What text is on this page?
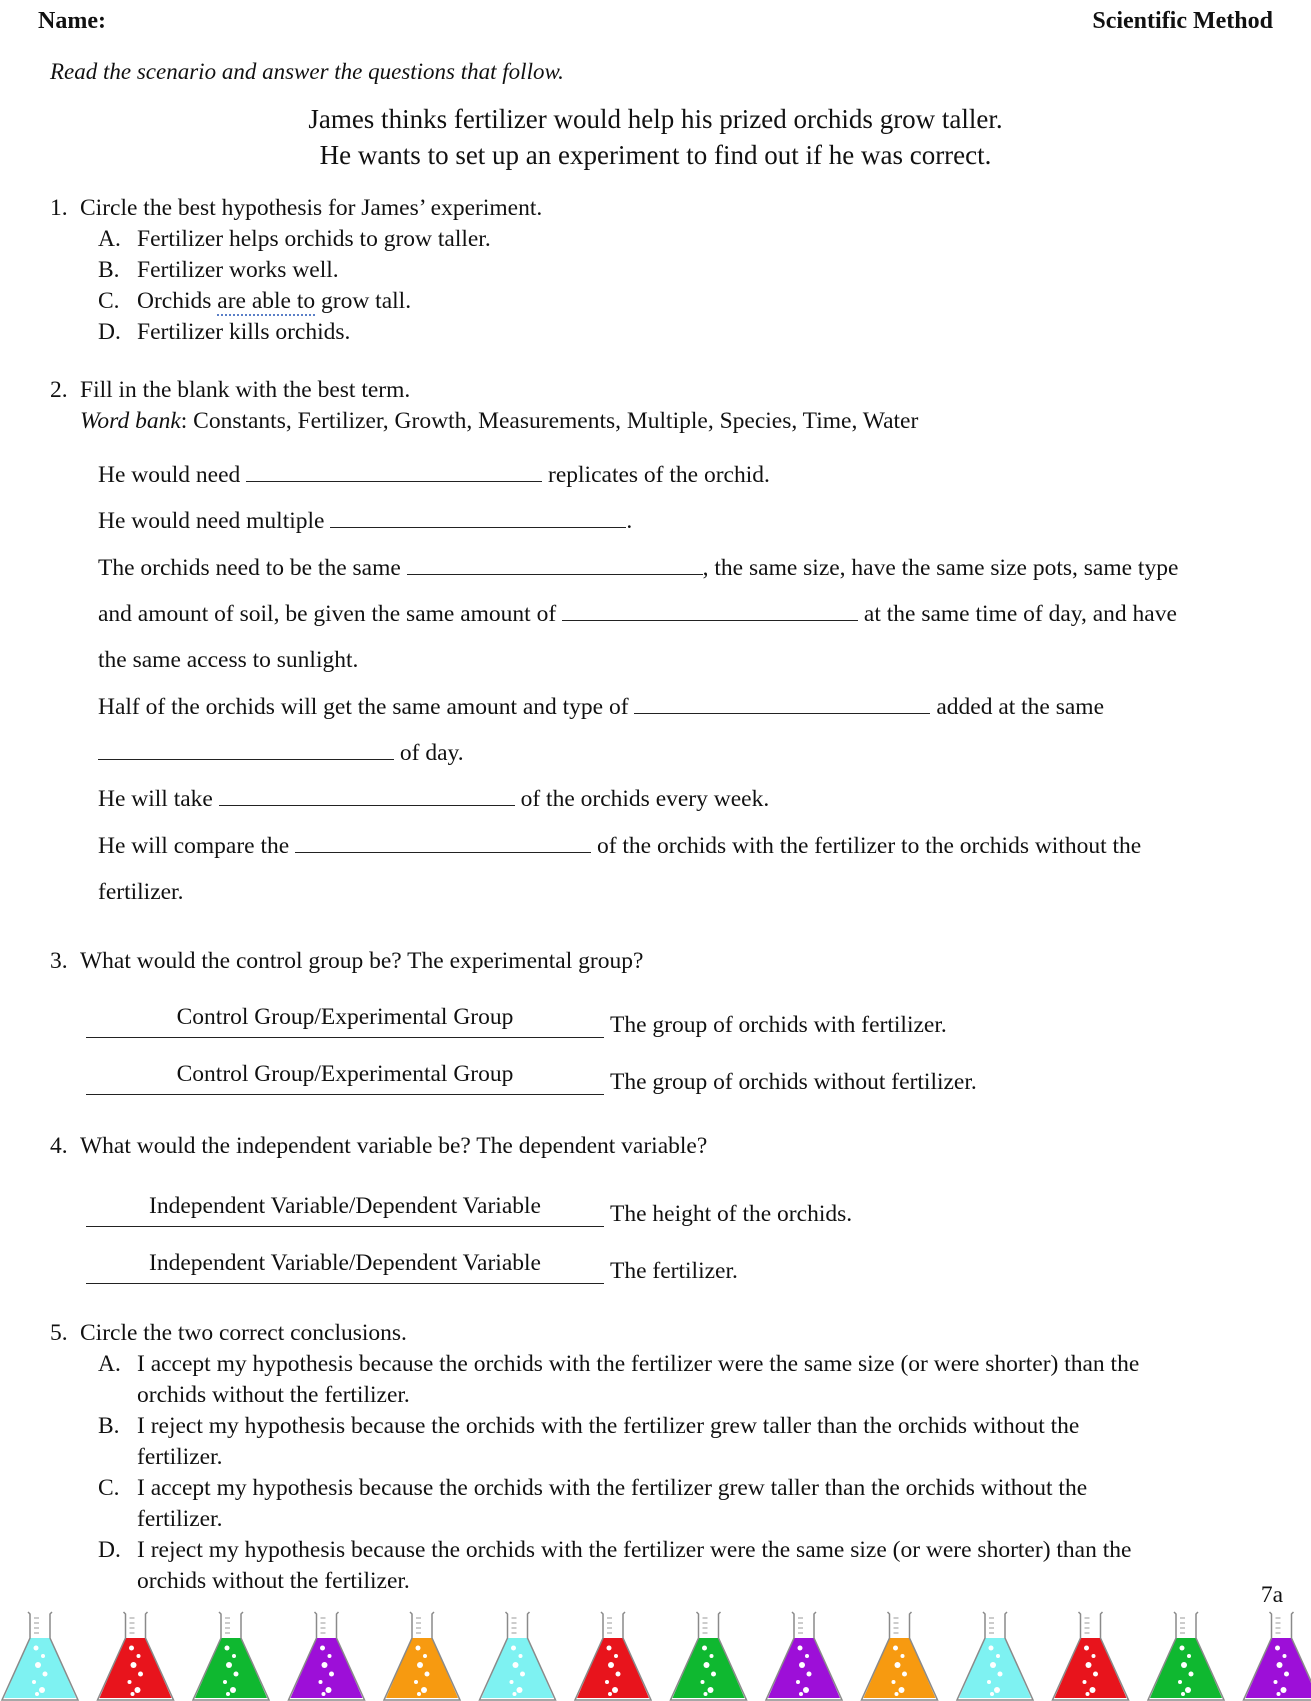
Name:	Scientific Method
Read the scenario and answer the questions that follow.
James thinks fertilizer would help his prized orchids grow taller.
He wants to set up an experiment to find out if he was correct.
1. Circle the best hypothesis for James’ experiment.
A. Fertilizer helps orchids to grow taller.
B. Fertilizer works well.
C. Orchids are able to grow tall.
D. Fertilizer kills orchids.
2. Fill in the blank with the best term.
Word bank: Constants, Fertilizer, Growth, Measurements, Multiple, Species, Time, Water
He would need	replicates of the orchid.
He would need multiple	.
The orchids need to be the same	, the same size, have the same size pots, same type
and amount of soil, be given the same amount of	at the same time of day, and have
the same access to sunlight.
Half of the orchids will get the same amount and type of	added at the same
of day.
He will take	of the orchids every week.
He will compare the	of the orchids with the fertilizer to the orchids without the
fertilizer.
3. What would the control group be? The experimental group?
Control Group/Experimental Group	The group of orchids with fertilizer.
Control Group/Experimental Group	The group of orchids without fertilizer.
4. What would the independent variable be? The dependent variable?
Independent Variable/Dependent Variable	The height of the orchids.
Independent Variable/Dependent Variable	The fertilizer.
5. Circle the two correct conclusions.
A. I accept my hypothesis because the orchids with the fertilizer were the same size (or were shorter) than the
orchids without the fertilizer.
B. I reject my hypothesis because the orchids with the fertilizer grew taller than the orchids without the
fertilizer.
C. I accept my hypothesis because the orchids with the fertilizer grew taller than the orchids without the
fertilizer.
D. I reject my hypothesis because the orchids with the fertilizer were the same size (or were shorter) than the
orchids without the fertilizer.
7a
